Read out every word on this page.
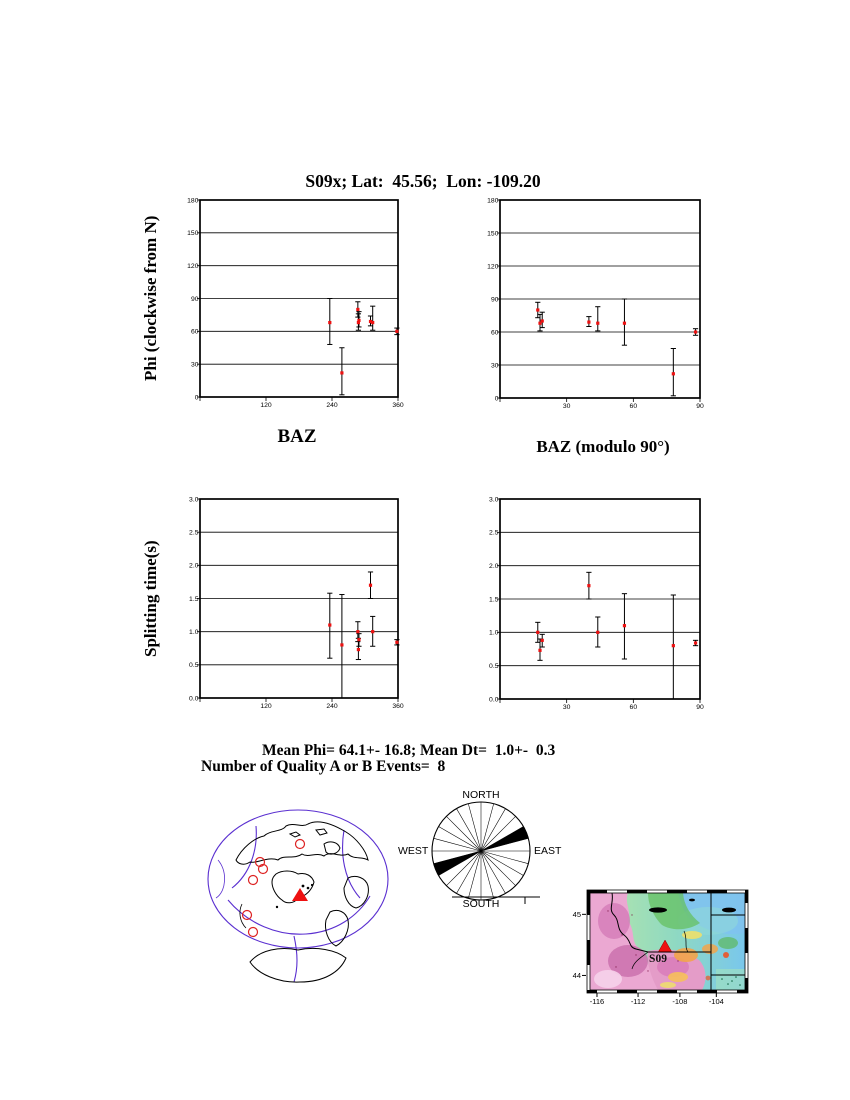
S09x; Lat:  45.56;  Lon: -109.20
Phi (clockwise from N)
Splitting time(s)
0
30
60
90
120
150
180
120	240	360
0
30
60
90
120
150
180
30	60	90
0.0
0.5
1.0
1.5
2.0
2.5
3.0
120	240	360
0.0
0.5
1.0
1.5
2.0
2.5
3.0
30	60	90
BAZ	BAZ (modulo 90°)
Mean Phi= 64.1+- 16.8; Mean Dt=  1.0+-  0.3
Number of Quality A or B Events=  8
NORTH
EAST
SOUTH
WEST
-116	-112	-108	-104
45
44
S09
